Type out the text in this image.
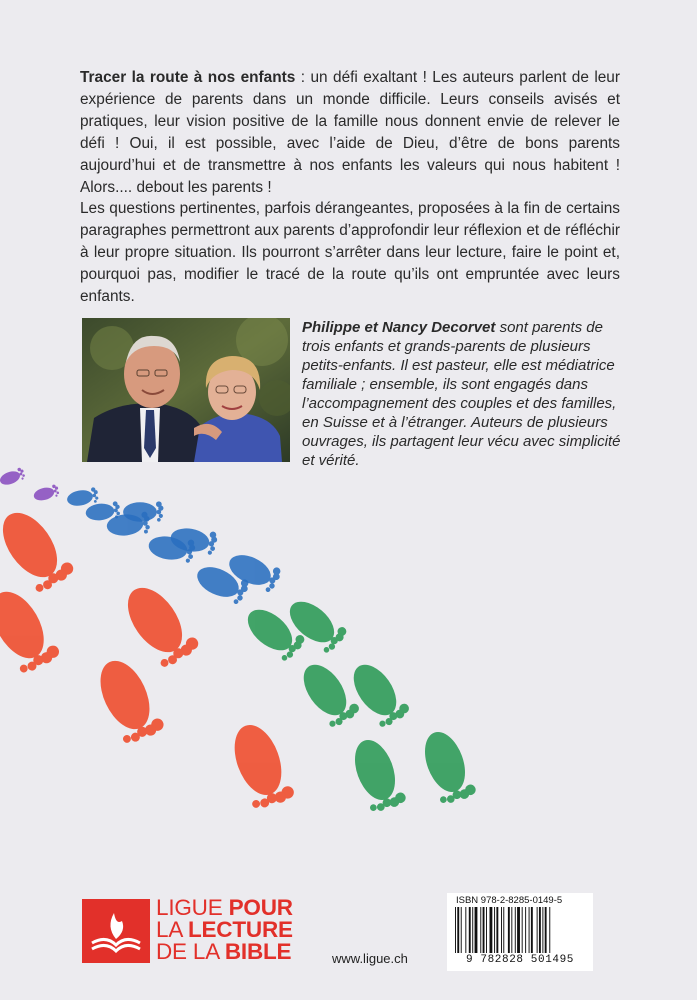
Tracer la route à nos enfants : un défi exaltant ! Les auteurs parlent de leur expérience de parents dans un monde difficile. Leurs conseils avisés et pratiques, leur vision positive de la famille nous donnent envie de relever le défi ! Oui, il est possible, avec l’aide de Dieu, d’être de bons parents aujourd’hui et de transmettre à nos enfants les valeurs qui nous habitent ! Alors.... debout les parents !

Les questions pertinentes, parfois dérangeantes, proposées à la fin de certains paragraphes permettront aux parents d’approfondir leur réflexion et de réfléchir à leur propre situation. Ils pourront s’arrêter dans leur lecture, faire le point et, pourquoi pas, modifier le tracé de la route qu’ils ont empruntée avec leurs enfants.

Philippe et Nancy Decorvet sont parents de trois enfants et grands-parents de plusieurs petits-enfants. Il est pasteur, elle est médiatrice familiale ; ensemble, ils sont engagés dans l’accompagnement des couples et des familles, en Suisse et à l’étranger. Auteurs de plusieurs ouvrages, ils partagent leur vécu avec simplicité et vérité.

LIGUE POUR
LA LECTURE
DE LA BIBLE	www.ligue.ch
ISBN 978-2-8285-0149-5
9 782828 501495
